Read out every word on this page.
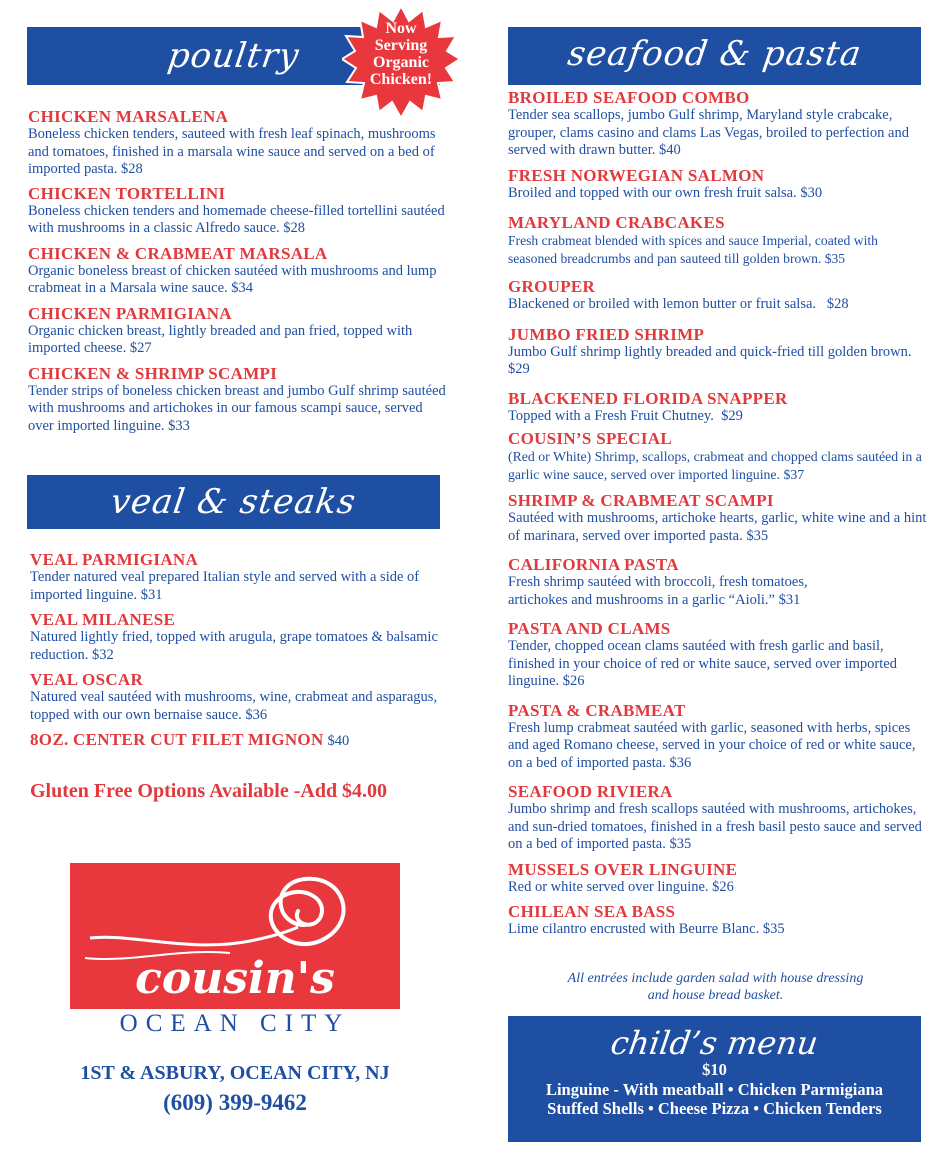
poultry
Now
Serving
Organic
Chicken!
CHICKEN MARSALENA
Boneless chicken tenders, sauteed with fresh leaf spinach, mushrooms and tomatoes, finished in a marsala wine sauce and served on a bed of imported pasta. $28
CHICKEN TORTELLINI
Boneless chicken tenders and homemade cheese-filled tortellini sautéed with mushrooms in a classic Alfredo sauce. $28
CHICKEN & CRABMEAT MARSALA
Organic boneless breast of chicken sautéed with mushrooms and lump crabmeat in a Marsala wine sauce. $34
CHICKEN PARMIGIANA
Organic chicken breast, lightly breaded and pan fried, topped with imported cheese. $27
CHICKEN & SHRIMP SCAMPI
Tender strips of boneless chicken breast and jumbo Gulf shrimp sautéed with mushrooms and artichokes in our famous scampi sauce, served over imported linguine. $33
veal & steaks
VEAL PARMIGIANA
Tender natured veal prepared Italian style and served with a side of imported linguine. $31
VEAL MILANESE
Natured lightly fried, topped with arugula, grape tomatoes & balsamic reduction. $32
VEAL OSCAR
Natured veal sautéed with mushrooms, wine, crabmeat and asparagus, topped with our own bernaise sauce. $36
8OZ. CENTER CUT FILET MIGNON $40
Gluten Free Options Available -Add $4.00
cousin's
OCEAN CITY
1ST & ASBURY, OCEAN CITY, NJ
(609) 399-9462
seafood & pasta
BROILED SEAFOOD COMBO
Tender sea scallops, jumbo Gulf shrimp, Maryland style crabcake, grouper, clams casino and clams Las Vegas, broiled to perfection and served with drawn butter. $40
FRESH NORWEGIAN SALMON
Broiled and topped with our own fresh fruit salsa. $30
MARYLAND CRABCAKES
Fresh crabmeat blended with spices and sauce Imperial, coated with seasoned breadcrumbs and pan sauteed till golden brown. $35
GROUPER
Blackened or broiled with lemon butter or fruit salsa.   $28
JUMBO FRIED SHRIMP
Jumbo Gulf shrimp lightly breaded and quick-fried till golden brown. $29
BLACKENED FLORIDA SNAPPER
Topped with a Fresh Fruit Chutney.  $29
COUSIN’S SPECIAL
(Red or White) Shrimp, scallops, crabmeat and chopped clams sautéed in a garlic wine sauce, served over imported linguine. $37
SHRIMP & CRABMEAT SCAMPI
Sautéed with mushrooms, artichoke hearts, garlic, white wine and a hint of marinara, served over imported pasta. $35
CALIFORNIA PASTA
Fresh shrimp sautéed with broccoli, fresh tomatoes, artichokes and mushrooms in a garlic “Aioli.” $31
PASTA AND CLAMS
Tender, chopped ocean clams sautéed with fresh garlic and basil, finished in your choice of red or white sauce, served over imported linguine. $26
PASTA & CRABMEAT
Fresh lump crabmeat sautéed with garlic, seasoned with herbs, spices and aged Romano cheese, served in your choice of red or white sauce, on a bed of imported pasta. $36
SEAFOOD RIVIERA
Jumbo shrimp and fresh scallops sautéed with mushrooms, artichokes, and sun-dried tomatoes, finished in a fresh basil pesto sauce and served on a bed of imported pasta. $35
MUSSELS OVER LINGUINE
Red or white served over linguine. $26
CHILEAN SEA BASS
Lime cilantro encrusted with Beurre Blanc. $35
All entrées include garden salad with house dressing
and house bread basket.
child’s menu
$10
Linguine - With meatball • Chicken Parmigiana
Stuffed Shells • Cheese Pizza • Chicken Tenders
